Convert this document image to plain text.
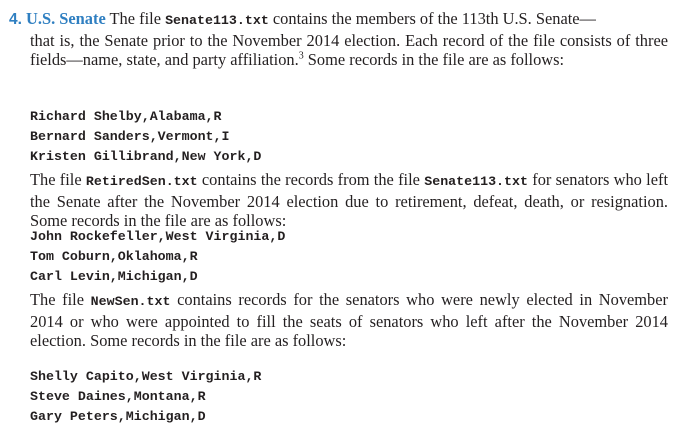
4. U.S. Senate The file Senate113.txt contains the members of the 113th U.S. Senate—
that is, the Senate prior to the November 2014 election. Each record of the file consists of three fields—name, state, and party affiliation.$^3$ Some records in the file are as follows:
Richard Shelby,Alabama,R
Bernard Sanders,Vermont,I
Kristen Gillibrand,New York,D
The file RetiredSen.txt contains the records from the file Senate113.txt for senators who left the Senate after the November 2014 election due to retirement, defeat, death, or resignation. Some records in the file are as follows:
John Rockefeller,West Virginia,D
Tom Coburn,Oklahoma,R
Carl Levin,Michigan,D
The file NewSen.txt contains records for the senators who were newly elected in November 2014 or who were appointed to fill the seats of senators who left after the November 2014 election. Some records in the file are as follows:
Shelly Capito,West Virginia,R
Steve Daines,Montana,R
Gary Peters,Michigan,D
